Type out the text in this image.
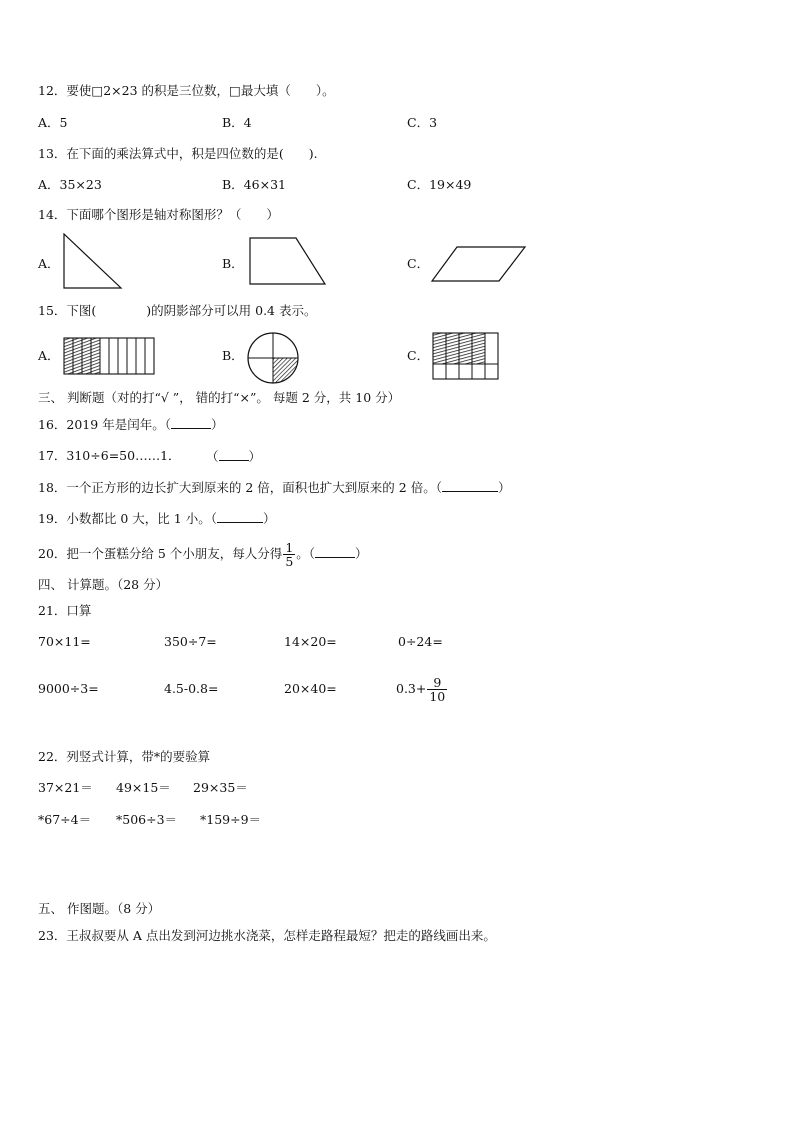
12．要使□2×23 的积是三位数，□最大填（　　）。
A．5	B．4	C．3
13．在下面的乘法算式中，积是四位数的是(　　).
A．35×23	B．46×31	C．19×49
14．下面哪个图形是轴对称图形？（　　）
A．	B．	C．
15．下图(　　　　)的阴影部分可以用 0.4 表示。
A．	B．	C．
三、 判断题（对的打“√ ”， 错的打“×”。 每题 2 分，共 10 分）
16．2019 年是闰年。（	）
17．310÷6=50……1． （ ）
18．一个正方形的边长扩大到原来的 2 倍，面积也扩大到原来的 2 倍。（	）
19．小数都比 0 大，比 1 小。（	）
20．把一个蛋糕分给 5 个小朋友，每人分得 $\frac{1}{5}$ 。（	）
四、 计算题。（28 分）
21．口算
70×11=	350÷7=	14×20=	0÷24=
9000÷3=	4.5-0.8=	20×40=	$0.3+ \frac{9}{10}$
22．列竖式计算，带*的要验算
37×21＝ 49×15＝ 29×35＝
*67÷4＝ *506÷3＝ *159÷9＝
五、 作图题。（8 分）
23．王叔叔要从 A 点出发到河边挑水浇菜，怎样走路程最短？把走的路线画出来。
